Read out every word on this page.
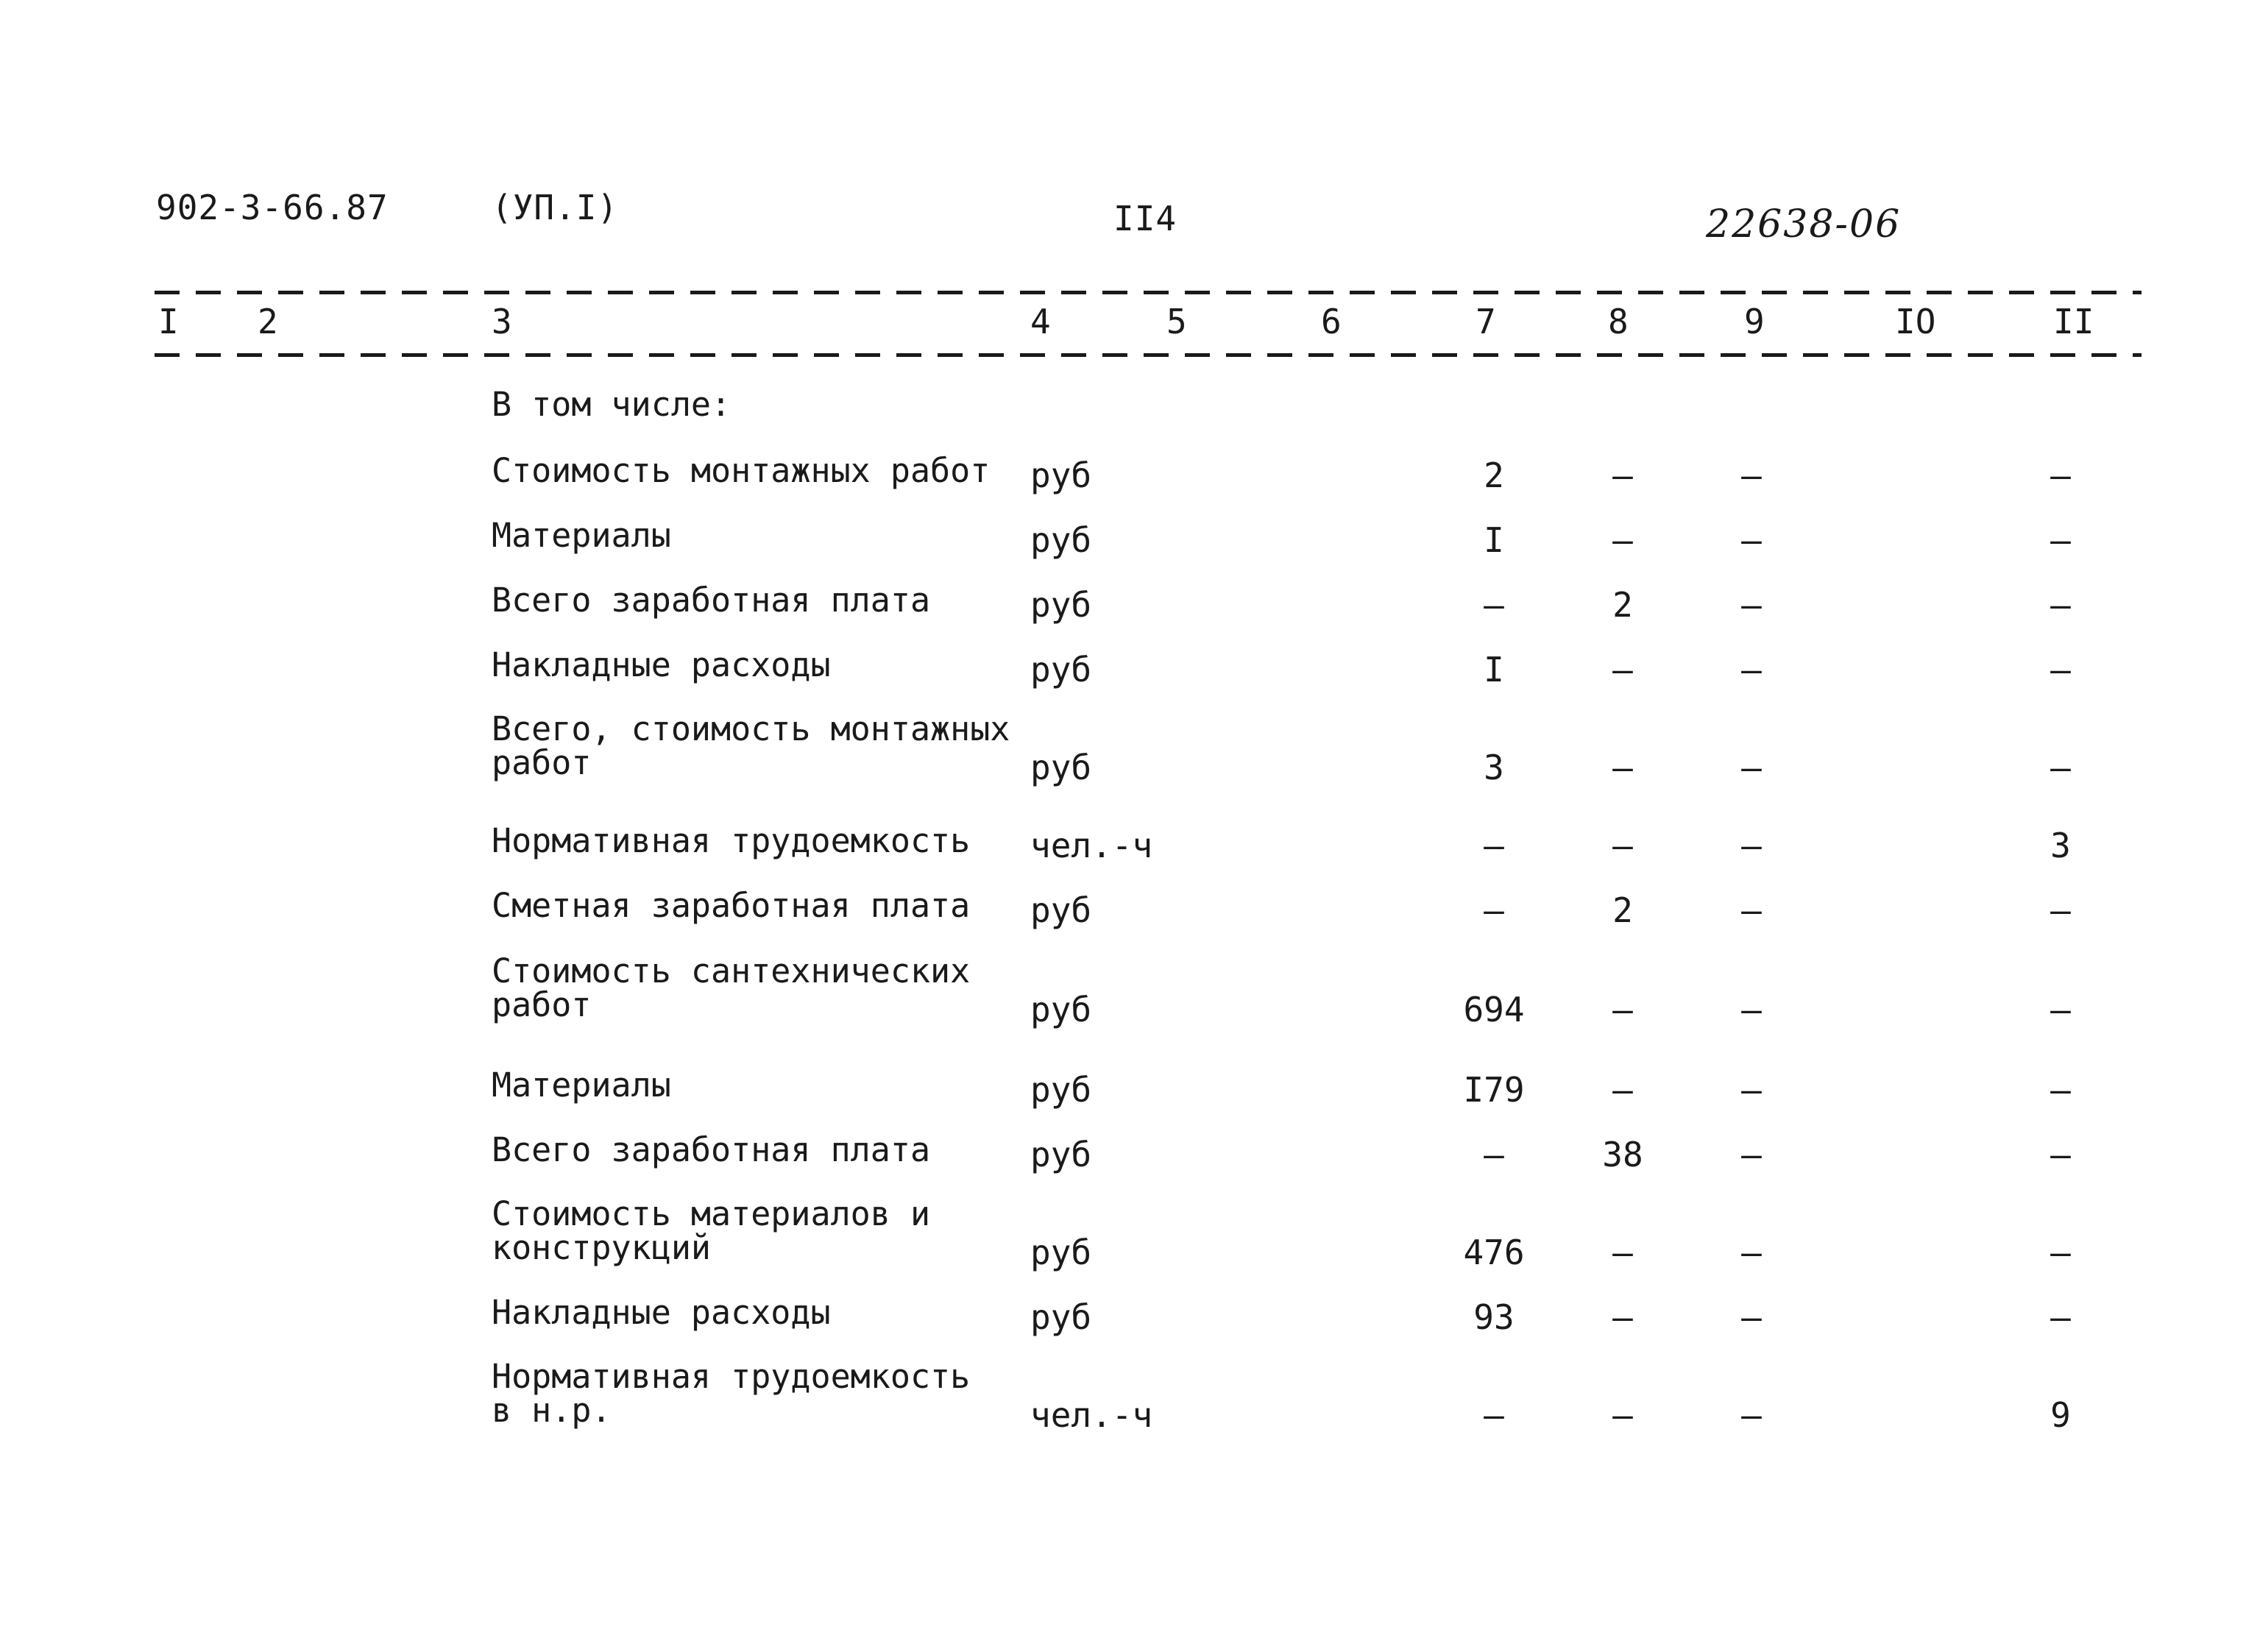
902-3-66.87	(УП.I)	II4	22638-06
I 2	3	4	5	6	7	8	9	IO	II
В том числе:
Стоимость монтажных работ руб	2	–	–	–
Материалы	руб	I	–	–	–
Всего заработная плата	руб	–	2	–	–
Накладные расходы	руб	I	–	–	–
Всего, стоимость монтажных
работ	руб	3	–	–	–
Нормативная трудоемкость чел.-ч	–	–	–	3
Сметная заработная плата руб	–	2	–	–
Стоимость сантехнических
работ	руб	694	–	–	–
Материалы	руб	I79	–	–	–
Всего заработная плата	руб	–	38	–	–
Стоимость материалов и
конструкций	руб	476	–	–	–
Накладные расходы	руб	93	–	–	–
Нормативная трудоемкость
в н.р.	чел.-ч	–	–	–	9
